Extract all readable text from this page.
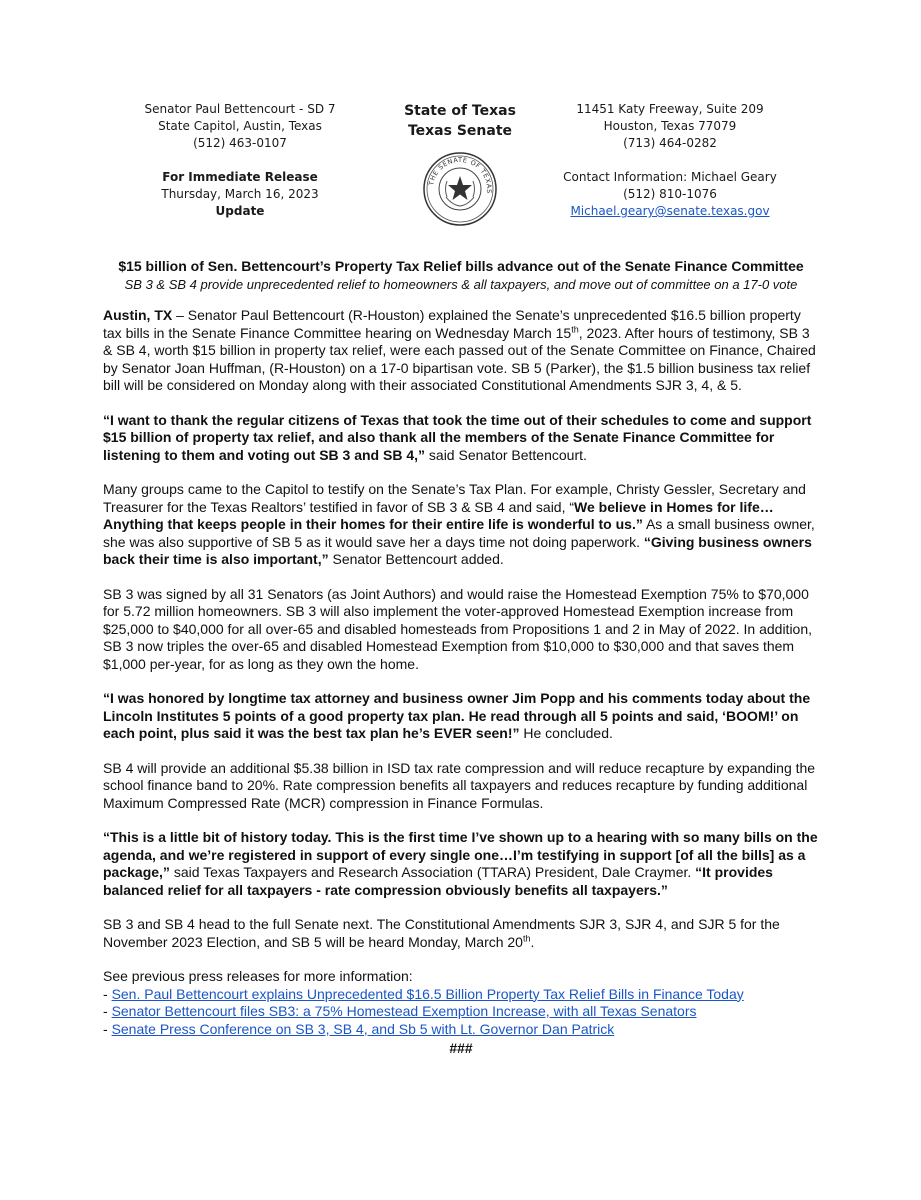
Senator Paul Bettencourt - SD 7
State Capitol, Austin, Texas
(512) 463-0107
For Immediate Release
Thursday, March 16, 2023
Update
State of Texas
Texas Senate
THE SENATE OF TEXAS
11451 Katy Freeway, Suite 209
Houston, Texas 77079
(713) 464-0282
Contact Information: Michael Geary
(512) 810-1076
Michael.geary@senate.texas.gov
$15 billion of Sen. Bettencourt’s Property Tax Relief bills advance out of the Senate Finance Committee
SB 3 & SB 4 provide unprecedented relief to homeowners & all taxpayers, and move out of committee on a 17-0 vote

Austin, TX – Senator Paul Bettencourt (R-Houston) explained the Senate’s unprecedented $16.5 billion property tax bills in the Senate Finance Committee hearing on Wednesday March 15th, 2023. After hours of testimony, SB 3 & SB 4, worth $15 billion in property tax relief, were each passed out of the Senate Committee on Finance, Chaired by Senator Joan Huffman, (R-Houston) on a 17-0 bipartisan vote. SB 5 (Parker), the $1.5 billion business tax relief bill will be considered on Monday along with their associated Constitutional Amendments SJR 3, 4, & 5.

“I want to thank the regular citizens of Texas that took the time out of their schedules to come and support $15 billion of property tax relief, and also thank all the members of the Senate Finance Committee for listening to them and voting out SB 3 and SB 4,” said Senator Bettencourt.

Many groups came to the Capitol to testify on the Senate’s Tax Plan. For example, Christy Gessler, Secretary and Treasurer for the Texas Realtors’ testified in favor of SB 3 & SB 4 and said, “We believe in Homes for life…Anything that keeps people in their homes for their entire life is wonderful to us.” As a small business owner, she was also supportive of SB 5 as it would save her a days time not doing paperwork. “Giving business owners back their time is also important,” Senator Bettencourt added.

SB 3 was signed by all 31 Senators (as Joint Authors) and would raise the Homestead Exemption 75% to $70,000 for 5.72 million homeowners. SB 3 will also implement the voter-approved Homestead Exemption increase from $25,000 to $40,000 for all over-65 and disabled homesteads from Propositions 1 and 2 in May of 2022. In addition, SB 3 now triples the over-65 and disabled Homestead Exemption from $10,000 to $30,000 and that saves them $1,000 per-year, for as long as they own the home.

“I was honored by longtime tax attorney and business owner Jim Popp and his comments today about the Lincoln Institutes 5 points of a good property tax plan. He read through all 5 points and said, ‘BOOM!’ on each point, plus said it was the best tax plan he’s EVER seen!” He concluded.

SB 4 will provide an additional $5.38 billion in ISD tax rate compression and will reduce recapture by expanding the school finance band to 20%. Rate compression benefits all taxpayers and reduces recapture by funding additional Maximum Compressed Rate (MCR) compression in Finance Formulas.

“This is a little bit of history today. This is the first time I’ve shown up to a hearing with so many bills on the agenda, and we’re registered in support of every single one…I’m testifying in support [of all the bills] as a package,” said Texas Taxpayers and Research Association (TTARA) President, Dale Craymer. “It provides balanced relief for all taxpayers - rate compression obviously benefits all taxpayers.”

SB 3 and SB 4 head to the full Senate next. The Constitutional Amendments SJR 3, SJR 4, and SJR 5 for the November 2023 Election, and SB 5 will be heard Monday, March 20th.

See previous press releases for more information:
- Sen. Paul Bettencourt explains Unprecedented $16.5 Billion Property Tax Relief Bills in Finance Today
- Senator Bettencourt files SB3: a 75% Homestead Exemption Increase, with all Texas Senators
- Senate Press Conference on SB 3, SB 4, and Sb 5 with Lt. Governor Dan Patrick
###
